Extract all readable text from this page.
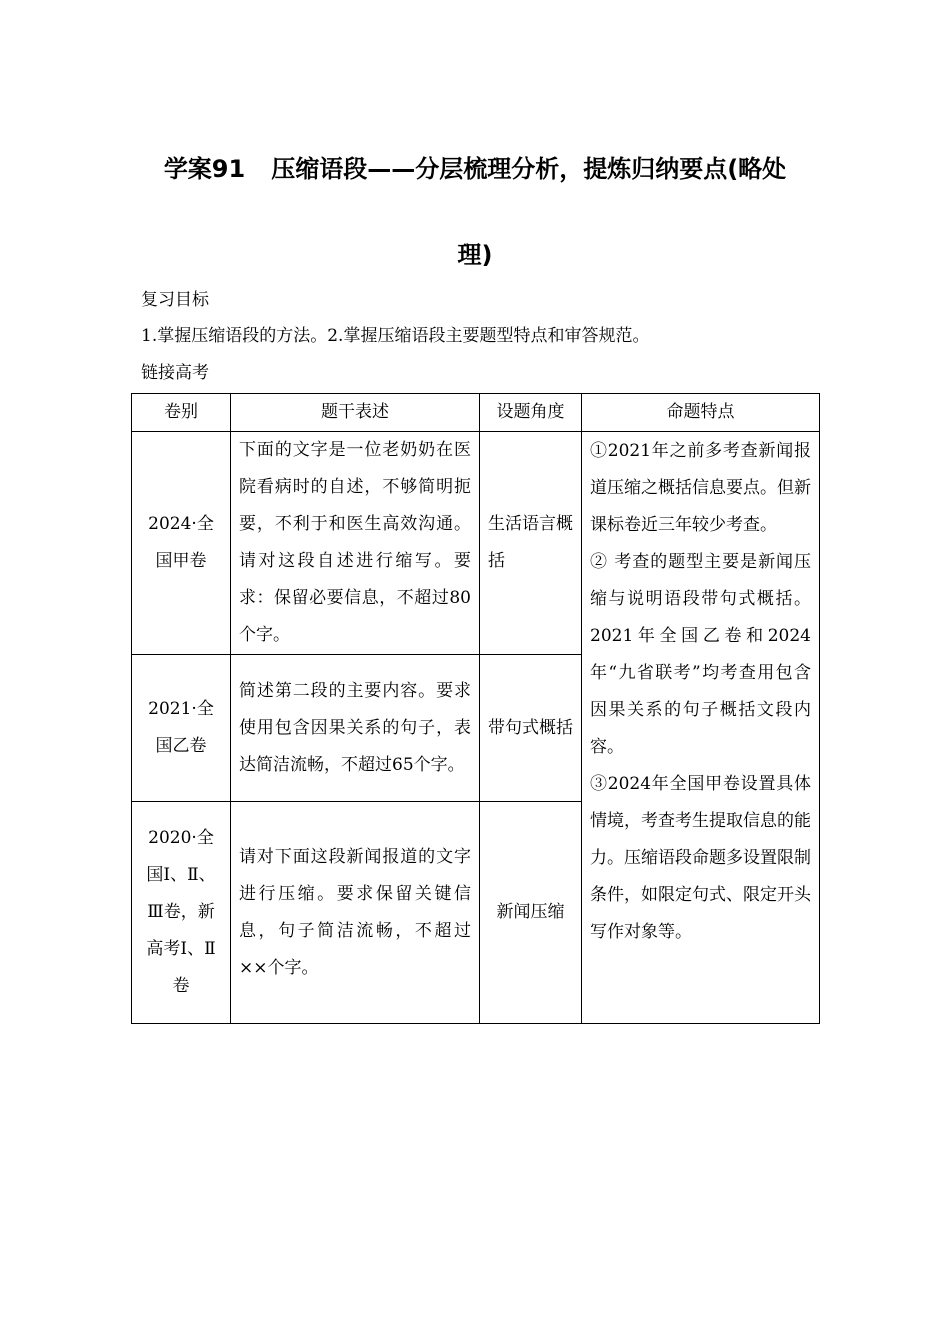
学案91 压缩语段——分层梳理分析，提炼归纳要点(略处
理)
复习目标
1.掌握压缩语段的方法。2.掌握压缩语段主要题型特点和审答规范。
链接高考
卷别	题干表述	设题角度	命题特点
2024·全国甲卷	下面的文字是一位老奶奶在医院看病时的自述，不够简明扼要，不利于和医生高效沟通。请对这段自述进行缩写。要求：保留必要信息，不超过80个字。	生活语言概括	①2021年之前多考查新闻报道压缩之概括信息要点。但新课标卷近三年较少考查。
② 考查的题型主要是新闻压缩与说明语段带句式概括。2021年全国乙卷和2024年“九省联考”均考查用包含因果关系的句子概括文段内容。
③2024年全国甲卷设置具体情境，考查考生提取信息的能力。压缩语段命题多设置限制条件，如限定句式、限定开头写作对象等。

2021·全国乙卷	简述第二段的主要内容。要求使用包含因果关系的句子，表达简洁流畅，不超过65个字。	带句式概括	
2020·全国Ⅰ、Ⅱ、Ⅲ卷，新高考Ⅰ、Ⅱ卷	请对下面这段新闻报道的文字进行压缩。要求保留关键信息，句子简洁流畅，不超过××个字。	新闻压缩	
